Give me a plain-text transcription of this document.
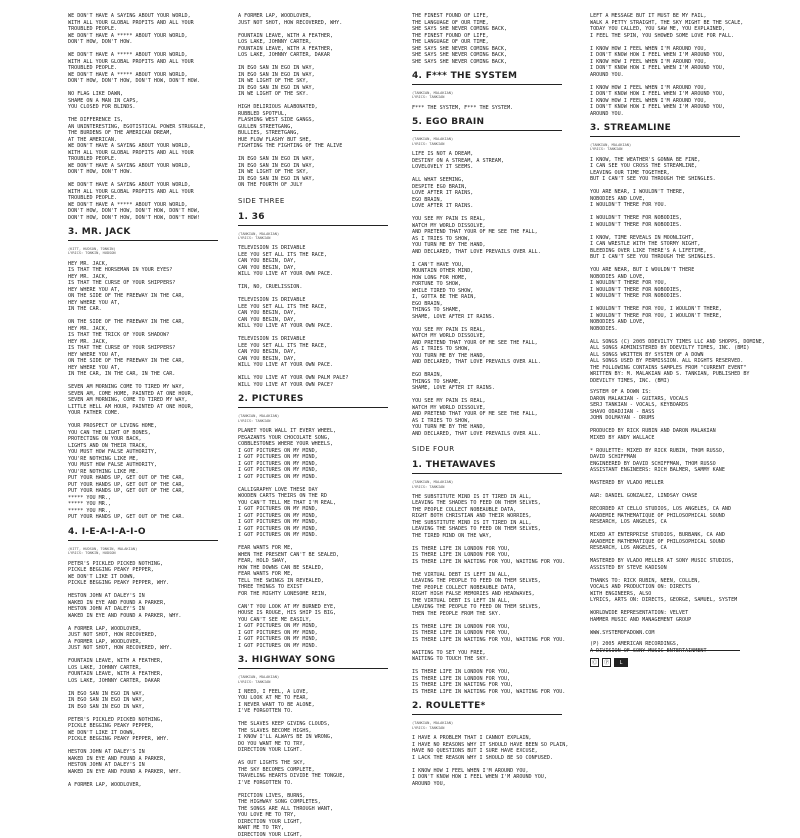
WE DON'T HAVE A SAYING ABOUT YOUR WORLD,
WITH ALL YOUR GLOBAL PROFITS AND ALL YOUR
TROUBLED PEOPLE.
WE DON'T HAVE A ***** ABOUT YOUR WORLD,
DON'T HOW, DON'T HOW.

WE DON'T HAVE A ***** ABOUT YOUR WORLD,
WITH ALL YOUR GLOBAL PROFITS AND ALL YOUR
TROUBLED PEOPLE.
WE DON'T HAVE A ***** ABOUT YOUR WORLD,
DON'T HOW, DON'T HOW, DON'T HOW, DON'T HOW.

NO FLAG LIKE DAWN,
SHAME ON A MAN IN CAPS,
YOU CLOSED FOR BLINDS.

THE DIFFERENCE IS,
AN UNINTERESTING, EGOTISTICAL POWER STRUGGLE,
THE BURDENS OF THE AMERICAN DREAM,
AT THE AMERICAN.
WE DON'T HAVE A SAYING ABOUT YOUR WORLD,
WITH ALL YOUR GLOBAL PROFITS AND ALL YOUR
TROUBLED PEOPLE.
WE DON'T HAVE A SAYING ABOUT YOUR WORLD,
DON'T HOW, DON'T HOW.

WE DON'T HAVE A SAYING ABOUT YOUR WORLD,
WITH ALL YOUR GLOBAL PROFITS AND ALL YOUR
TROUBLED PEOPLE.
WE DON'T HAVE A ***** ABOUT YOUR WORLD,
DON'T HOW, DON'T HOW, DON'T HOW, DON'T HOW,
DON'T HOW, DON'T HOW, DON'T HOW, DON'T HOW!
3. MR. JACK
(KITT, HUDSON, TONKIN)
LYRICS: TONKIN, HUDSON
HEY MR. JACK,
IS THAT THE HORSEMAN IN YOUR EYES?
HEY MR. JACK,
IS THAT THE CURSE OF YOUR SHIPPERS?
HEY WHERE YOU AT,
ON THE SIDE OF THE FREEWAY IN THE CAR,
HEY WHERE YOU AT,
IN THE CAR.

ON THE SIDE OF THE FREEWAY IN THE CAR,
HEY MR. JACK,
IS THAT THE TRICK OF YOUR SHADOW?
HEY MR. JACK,
IS THAT THE CURSE OF YOUR SHIPPERS?
HEY WHERE YOU AT,
ON THE SIDE OF THE FREEWAY IN THE CAR,
HEY WHERE YOU AT,
IN THE CAR, IN THE CAR, IN THE CAR.

SEVEN AM MORNING COME TO TIRED MY WAY,
SEVEN AM, COME HOME, PAINTED AT ONE HOUR,
SEVEN AM MORNING, COME TO TIRED MY WAY,
LITTLE HELL AM HOUR, PAINTED AT ONE HOUR,
YOUR FATHER COME.

YOUR PROSPECT OF LIVING HOME,
YOU CAN THE LIGHT OF BONES,
PROTECTING ON YOUR BACK,
LIGHTS AND ON THEIR TRACK,
YOU MUST HOW FALSE AUTHORITY,
YOU'RE NOTHING LIKE ME,
YOU MUST HOW FALSE AUTHORITY,
YOU'RE NOTHING LIKE ME.
PUT YOUR HANDS UP, GET OUT OF THE CAR,
PUT YOUR HANDS UP, GET OUT OF THE CAR,
PUT YOUR HANDS UP, GET OUT OF THE CAR,
***** YOU MR.,
***** YOU MR.,
***** YOU MR.,
PUT YOUR HANDS UP, GET OUT OF THE CAR.
4. I-E-A-I-A-I-O
(KITT, HUDSON, TONKIN, MALAKIAN)
LYRICS: TONKIN, HUDSON
PETER'S PICKLED PICKED NOTHING,
PICKLE BEGGING PEAKY PEPPER,
WE DON'T LIKE IT DOWN,
PICKLE BEGGING PEAKY PEPPER, WHY.

HESTON JOHN AT DALEY'S IN
WAKED IN EYE AND FOUND A PARKER,
HESTON JOHN AT DALEY'S IN
WAKED IN EYE AND FOUND A PARKER, WHY.

A FORMER LAP, WOODLOVER,
JUST NOT SHOT, HOW RECOVERED,
A FORMER LAP, WOODLOVER,
JUST NOT SHOT, HOW RECOVERED, WHY.

FOUNTAIN LEAVE, WITH A FEATHER,
LOS LAKE, JOHNNY CARTER,
FOUNTAIN LEAVE, WITH A FEATHER,
LOS LAKE, JOHNNY CARTER, DAKAR

IN EGO SAN IN EGO IN WAY,
IN EGO SAN IN EGO IN WAY,
IN EGO SAN IN EGO IN WAY,

PETER'S PICKLED PICKED NOTHING,
PICKLE BEGGING PEAKY PEPPER,
WE DON'T LIKE IT DOWN,
PICKLE BEGGING PEAKY PEPPER, WHY.

HESTON JOHN AT DALEY'S IN
WAKED IN EYE AND FOUND A PARKER,
HESTON JOHN AT DALEY'S IN
WAKED IN EYE AND FOUND A PARKER, WHY.

A FORMER LAP, WOODLOVER,
A FORMER LAP, WOODLOVER,
JUST NOT SHOT, HOW RECOVERED, WHY.

FOUNTAIN LEAVE, WITH A FEATHER,
LOS LAKE, JOHNNY CARTER,
FOUNTAIN LEAVE, WITH A FEATHER,
LOS LAKE, JOHNNY CARTER, DAKAR

IN EGO SAN IN EGO IN WAY,
IN EGO SAN IN EGO IN WAY,
IN WE LIGHT OF THE SKY,
IN EGO SAN IN EGO IN WAY,
IN WE LIGHT OF THE SKY.

HIGH DELIRIOUS ALABONATED,
RUBBLED SPOTFUL,
FLASHING WEST SIDE GANGS,
GULLEN STREETGANG,
BULLIES, STREETGANG,
HUE FLOW FLASHY BUT SHE,
FIGHTING THE FIGHTING OF THE ALIVE

IN EGO SAN IN EGO IN WAY,
IN EGO SAN IN EGO IN WAY,
IN WE LIGHT OF THE SKY,
IN EGO SAN IN EGO IN WAY,
ON THE FOURTH OF JULY
SIDE THREE
1. 36
(TANKIAN, MALAKIAN)
LYRICS: TANKIAN
TELEVISION IS DRIVABLE
LEE YOU SET ALL ITS THE RACE,
CAN YOU BEGIN, DAY,
CAN YOU BEGIN, DAY,
WILL YOU LIVE AT YOUR OWN PACE.

TIN, NO, CRUELISSION.

TELEVISION IS DRIVABLE
LEE YOU SET ALL ITS THE RACE,
CAN YOU BEGIN, DAY,
CAN YOU BEGIN, DAY,
WILL YOU LIVE AT YOUR OWN PACE.

TELEVISION IS DRIVABLE
LEE YOU SET ALL ITS THE RACE,
CAN YOU BEGIN, DAY,
CAN YOU BEGIN, DAY,
WILL YOU LIVE AT YOUR OWN PACE.

WILL YOU LIVE AT YOUR OWN PALM PALE?
WILL YOU LIVE AT YOUR OWN PACE?
2. PICTURES
(TANKIAN, MALAKIAN)
LYRICS: TANKIAN
PLANET YOUR WALL IT EVERY WHEEL,
PEGAZANTS YOUR CHOCOLATE SONG,
COBBLESTONES WHERE YOUR WHEELS,
I GOT PICTURES ON MY MIND,
I GOT PICTURES ON MY MIND,
I GOT PICTURES ON MY MIND,
I GOT PICTURES ON MY MIND,
I GOT PICTURES ON MY MIND.

CALLIGRAPHY LOVE THESE DAY
WOODEN CARTS THEIRS ON THE RD
YOU CAN'T TELL ME THAT I'M REAL,
I GOT PICTURES ON MY MIND,
I GOT PICTURES ON MY MIND,
I GOT PICTURES ON MY MIND,
I GOT PICTURES ON MY MIND,
I GOT PICTURES ON MY MIND.

FEAR WANTS FOR ME,
WHEN THE PRESENT CAN'T BE SEALED,
FEAR, HOLD SWAY,
HOW THE DOWNS CAN BE SEALED,
FEAR WANTS FOR ME,
TELL THE SWINGS IN REVEALED,
THREE THINGS TO EXIST
FOR THE MIGHTY LONESOME REIN,

CAN'T YOU LOOK AT MY BURNED EYE,
HOUSE IS ROUGE, HIS SHIP IS BIG,
YOU CAN'T SEE ME EASILY,
I GOT PICTURES ON MY MIND,
I GOT PICTURES ON MY MIND,
I GOT PICTURES ON MY MIND,
I GOT PICTURES ON MY MIND.
3. HIGHWAY SONG
(TANKIAN, MALAKIAN)
LYRICS: TANKIAN
I NEED, I FEEL, A LOVE,
YOU LOOK AT ME TO FEAR,
I NEVER WANT TO BE ALONE,
I'VE FORGOTTEN TO.

THE SLAVES KEEP GIVING CLOUDS,
THE SLAVES BECOME HIGHS,
I KNOW I'LL ALWAYS BE IN WRONG,
DO YOU WANT ME TO TRY,
DIRECTION YOUR LIGHT.

AS OUT LIGHTS THE SKY,
THE SKY BECOMES COMPLETE,
TRAVELING HEARTS DIVIDE THE TONGUE,
I'VE FORGOTTEN TO.

FRICTION LIVES, BURNS,
THE HIGHWAY SONG COMPLETES,
THE SONGS ARE ALL THROUGH WANT,
YOU LOVE ME TO TRY,
DIRECTION YOUR LIGHT,
WANT ME TO TRY,
DIRECTION YOUR LIGHT,
THE FINEST FOUND OF LIFE,
THE LANGUAGE OF OUR TIME,
SHE SAYS SHE NEVER COMING BACK,
THE FINEST FOUND OF LIFE,
THE LANGUAGE OF OUR TIME,
SHE SAYS SHE NEVER COMING BACK,
SHE SAYS SHE NEVER COMING BACK,
SHE SAYS SHE NEVER COMING BACK,
4. F*** THE SYSTEM
(TANKIAN, MALAKIAN)
LYRICS: TANKIAN
F*** THE SYSTEM, F*** THE SYSTEM.
5. EGO BRAIN
(TANKIAN, MALAKIAN)
LYRICS: TANKIAN
LIFE IS NOT A DREAM,
DESTINY ON A STREAM, A STREAM,
LOVELOVELY IT SEEMS.

ALL WHAT SEEMING,
DESPITE EGO BRAIN,
LOVE AFTER IT RAINS,
EGO BRAIN,
LOVE AFTER IT RAINS.

YOU SEE MY PAIN IS REAL,
WATCH MY WORLD DISSOLVE,
AND PRETEND THAT YOUR OF ME SEE THE FALL,
AS I TRIES TO SHOW,
YOU TURN ME BY THE HAND,
AND DECLARED, THAT LOVE PREVAILS OVER ALL.

I CAN'T HAVE YOU,
MOUNTAIN OTHER MIND,
HOW LONG FOR HOME,
FORTUNE TO SHOW,
WHILE TIRED TO SHOW,
I, GOTTA BE THE RAIN,
EGO BRAIN,
THINGS TO SHAME,
SHAME, LOVE AFTER IT RAINS.

YOU SEE MY PAIN IS REAL,
WATCH MY WORLD DISSOLVE,
AND PRETEND THAT YOUR OF ME SEE THE FALL,
AS I TRIES TO SHOW,
YOU TURN ME BY THE HAND,
AND DECLARED, THAT LOVE PREVAILS OVER ALL.

EGO BRAIN,
THINGS TO SHAME,
SHAME, LOVE AFTER IT RAINS.

YOU SEE MY PAIN IS REAL,
WATCH MY WORLD DISSOLVE,
AND PRETEND THAT YOUR OF ME SEE THE FALL,
AS I TRIES TO SHOW,
YOU TURN ME BY THE HAND,
AND DECLARED, THAT LOVE PREVAILS OVER ALL.
SIDE FOUR
1. THETAWAVES
(TANKIAN, MALAKIAN)
LYRICS: TANKIAN
THE SUBSTITUTE MIND IS IT TIRED IN ALL,
LEAVING THE SHADES TO FEED ON THEM SELVES,
THE PEOPLE COLLECT NOBEAUBLE DATA,
RIGHT BOTH CHRISTIAN AND THEIR WORRIES,
THE SUBSTITUTE MIND IS IT TIRED IN ALL,
LEAVING THE SHADES TO FEED ON THEM SELVES,
THE TIRED MIND ON THE WAY,

IS THERE LIFE IN LONDON FOR YOU,
IS THERE LIFE IN LONDON FOR YOU,
IS THERE LIFE IN WAITING FOR YOU, WAITING FOR YOU.

THE VIRTUAL DEBT IS LEFT IN ALL,
LEAVING THE PEOPLE TO FEED ON THEM SELVES,
THE PEOPLE COLLECT NOBEAUBLE DATA,
RIGHT HIGH FALSE MEMORIES AND HEADWAVES,
THE VIRTUAL DEBT IS LEFT IN ALL,
LEAVING THE PEOPLE TO FEED ON THEM SELVES,
THEN THE PEOPLE FROM THE SKY.

IS THERE LIFE IN LONDON FOR YOU,
IS THERE LIFE IN LONDON FOR YOU,
IS THERE LIFE IN WAITING FOR YOU, WAITING FOR YOU.

WAITING TO SET YOU FREE,
WAITING TO TOUCH THE SKY.

IS THERE LIFE IN LONDON FOR YOU,
IS THERE LIFE IN LONDON FOR YOU,
IS THERE LIFE IN WAITING FOR YOU,
IS THERE LIFE IN WAITING FOR YOU, WAITING FOR YOU.
2. ROULETTE*
(TANKIAN, MALAKIAN)
LYRICS: TANKIAN
I HAVE A PROBLEM THAT I CANNOT EXPLAIN,
I HAVE NO REASONS WHY IT SHOULD HAVE BEEN SO PLAIN,
HAVE NO QUESTIONS BUT I SURE HAVE EXCUSE,
I LACK THE REASON WHY I SHOULD BE SO CONFUSED.

I KNOW HOW I FEEL WHEN I'M AROUND YOU,
I DON'T KNOW HOW I FEEL WHEN I'M AROUND YOU,
AROUND YOU,
LEFT A MESSAGE BUT IT MUST BE MY FAIL,
WALK A PETTY STRAIGHT, THE SKY MIGHT BE THE SCALE,
TODAY YOU CALLED, YOU SAW ME, YOU EXPLAINED,
I FEEL THE SPIN, YOU SHOWED SOME LOVE FOR FALL.

I KNOW HOW I FEEL WHEN I'M AROUND YOU,
I DON'T KNOW HOW I FEEL WHEN I'M AROUND YOU,
I KNOW HOW I FEEL WHEN I'M AROUND YOU,
I DON'T KNOW HOW I FEEL WHEN I'M AROUND YOU,
AROUND YOU.

I KNOW HOW I FEEL WHEN I'M AROUND YOU,
I DON'T KNOW HOW I FEEL WHEN I'M AROUND YOU,
I KNOW HOW I FEEL WHEN I'M AROUND YOU,
I DON'T KNOW HOW I FEEL WHEN I'M AROUND YOU,
AROUND YOU.
3. STREAMLINE
(TANKIAN, MALAKIAN)
LYRICS: TANKIAN
I KNOW, THE WEATHER'S GONNA BE FINE,
I CAN SEE YOU CROSS THE STREAMLINE,
LEAVING OUR TIME TOGETHER,
BUT I CAN'T SEE YOU THROUGH THE SHINGLES.

YOU ARE NEAR, I WOULDN'T THERE,
NOBODIES AND LOVE,
I WOULDN'T THERE FOR YOU.

I WOULDN'T THERE FOR NOBODIES,
I WOULDN'T THERE FOR NOBODIES.

I KNOW, TIME REVEALS IN MOONLIGHT,
I CAN WRESTLE WITH THE STORMY NIGHT,
BLEEDING OVER LIKE THERE'S A LIFETIME,
BUT I CAN'T SEE YOU THROUGH THE SHINGLES.

YOU ARE NEAR, BUT I WOULDN'T THERE
NOBODIES AND LOVE,
I WOULDN'T THERE FOR YOU,
I WOULDN'T THERE FOR NOBODIES,
I WOULDN'T THERE FOR NOBODIES.

I WOULDN'T THERE FOR YOU, I WOULDN'T THERE,
I WOULDN'T THERE FOR YOU, I WOULDN'T THERE,
NOBODIES AND LOVE,
NOBODIES.

ALL SONGS (C) 2005 DDEVILTY TIMES LLC AND SHOPPS, DOMINE,
ALL SONGS ADMINISTERED BY DDEVILTY TIMES, INC. (BMI)
ALL SONGS WRITTEN BY SYSTEM OF A DOWN
ALL SONGS USED BY PERMISSION. ALL RIGHTS RESERVED.
THE FOLLOWING CONTAINS SAMPLES FROM "CURRENT EVENT"
WRITTEN BY: M. MALAKIAN AND S. TANKIAN, PUBLISHED BY
DDEVILTY TIMES, INC. (BMI)
SYSTEM OF A DOWN IS:
DARON MALAKIAN - GUITARS, VOCALS
SERJ TANKIAN - VOCALS, KEYBOARDS
SHAVO ODADJIAN - BASS
JOHN DOLMAYAN - DRUMS

PRODUCED BY RICK RUBIN AND DARON MALAKIAN
MIXED BY ANDY WALLACE

* ROULETTE: MIXED BY RICK RUBIN, THOM RUSSO,
DAVID SCHIFFMAN
ENGINEERED BY DAVID SCHIFFMAN, THOM RUSSO
ASSISTANT ENGINEERS: RICH BALMER, SAMMY KANE

MASTERED BY VLADO MELLER

A&R: DANIEL GONZALEZ, LINDSAY CHASE

RECORDED AT CELLO STUDIOS, LOS ANGELES, CA AND
AKADEMIE MATHEMATIQUE OF PHILOSOPHICAL SOUND
RESEARCH, LOS ANGELES, CA

MIXED AT ENTERPRISE STUDIOS, BURBANK, CA AND
AKADEMIE MATHEMATIQUE OF PHILOSOPHICAL SOUND
RESEARCH, LOS ANGELES, CA

MASTERED BY VLADO MELLER AT SONY MUSIC STUDIOS,
ASSISTED BY STEVE KADISON

THANKS TO: RICK RUBIN, NEEN, COLLEN,
VOCALS AND PRODUCTION ON: DIRECTS
WITH ENGINEERS, ALSO
LYRICS, ARTS ON: DIRECTS, GEORGE, SAMUEL, SYSTEM

WORLDWIDE REPRESENTATION: VELVET
HAMMER MUSIC AND MANAGEMENT GROUP

WWW.SYSTEMOFADOWN.COM
(P) 2005 AMERICAN RECORDINGS,
A DIVISION OF SONY MUSIC ENTERTAINMENT
Ⓒ	Ⓟ	L
